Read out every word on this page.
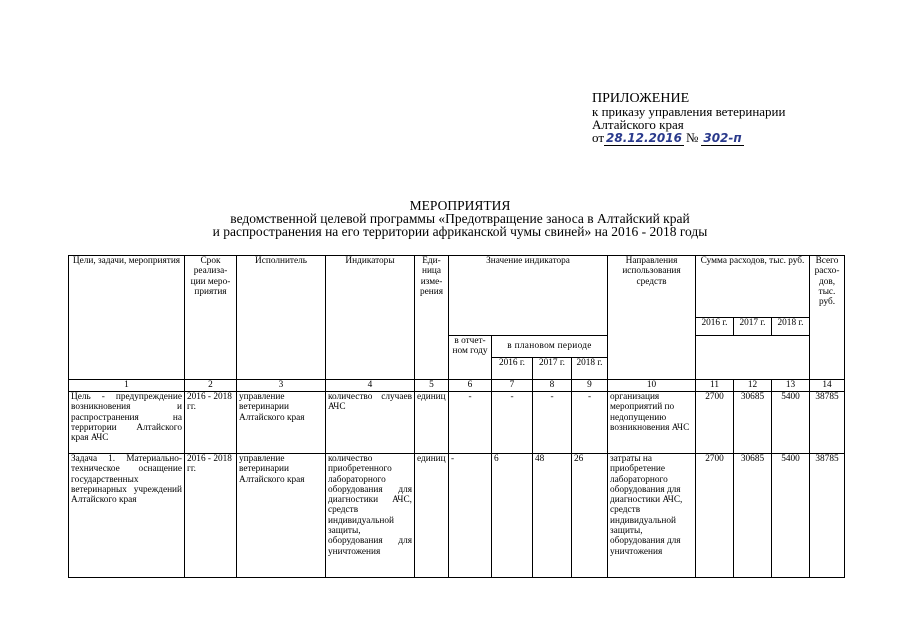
ПРИЛОЖЕНИЕ
к приказу управления ветеринарии
Алтайского края
от 28.12.2016 № 302-п
МЕРОПРИЯТИЯ
ведомственной целевой программы «Предотвращение заноса в Алтайский край
и распространения на его территории африканской чумы свиней» на 2016 - 2018 годы
Цели, задачи, мероприятия	Срок реализа-ции меро-приятия	Исполнитель	Индикаторы	Еди-ница изме-рения	Значение индикатора				Направления использования средств	Сумма расходов, тыс. руб.			Всего расхо-дов, тыс. руб.
										2016 г.	2017 г.	2018 г.	
					в отчет-ном году	в плановом периоде							
						2016 г.	2017 г.	2018 г.					
1	2	3	4	5	6	7	8	9	10	11	12	13	14
Цель - предупреждение возникновения и распространения на территории Алтайского края АЧС	2016 - 2018 гг.	управление ветеринарии Алтайского края	количество случаев АЧС	единиц	-	-	-	-	организация мероприятий по недопущению возникновения АЧС	2700	30685	5400	38785
Задача 1. Материально-техническое оснащение государственных ветеринарных учреждений Алтайского края	2016 - 2018 гг.	управление ветеринарии Алтайского края	количество приобретенного лабораторного оборудования для диагностики АЧС, средств индивидуальной защиты, оборудования для уничтожения	единиц	-	6	48	26	затраты на приобретение лабораторного оборудования для диагностики АЧС, средств индивидуальной защиты, оборудования для уничтожения	2700	30685	5400	38785
